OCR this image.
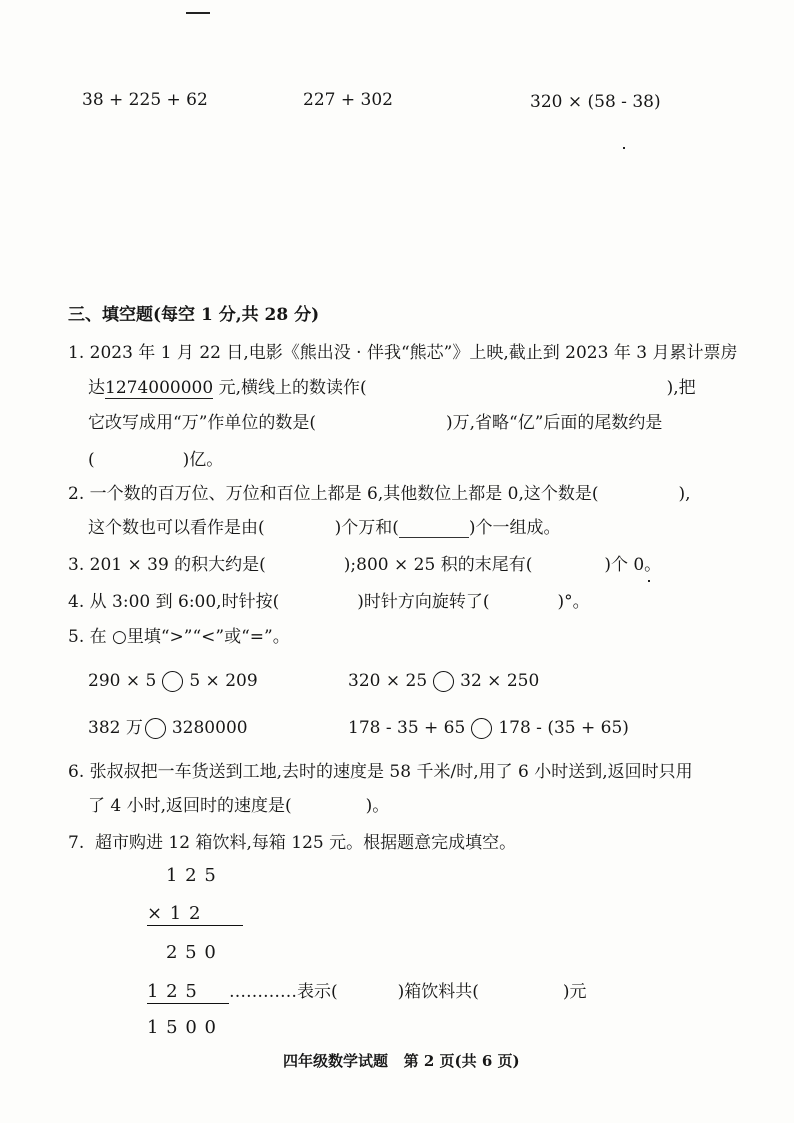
38 + 225 + 62	227 + 302	320 × (58 - 38)
三、填空题(每空 1 分,共 28 分)
1. 2023 年 1 月 22 日,电影《熊出没 · 伴我“熊芯”》上映,截止到 2023 年 3 月累计票房
达1274000000 元,横线上的数读作(	),把
它改写成用“万”作单位的数是(	)万,省略“亿”后面的尾数约是
(	)亿。
2. 一个数的百万位、万位和百位上都是 6,其他数位上都是 0,这个数是(	),
这个数也可以看作是由(	)个万和(	)个一组成。
3. 201 × 39 的积大约是(	);800 × 25 积的末尾有(	)个 0。
4. 从 3:00 到 6:00,时针按(	)时针方向旋转了(	)°。
5. 在 ○里填“>”“<”或“=”。
290 × 5 5 × 209	320 × 25 32 × 250
382 万 3280000	178 - 35 + 65 178 - (35 + 65)
6. 张叔叔把一车货送到工地,去时的速度是 58 千米/时,用了 6 小时送到,返回时只用
了 4 小时,返回时的速度是(	)。
7.  超市购进 12 箱饮料,每箱 125 元。根据题意完成填空。
1 2 5
× 1 2
2 5 0
1 2 5 …………表示(	)箱饮料共(	)元
1 5 0 0
四年级数学试题   第 2 页(共 6 页)
